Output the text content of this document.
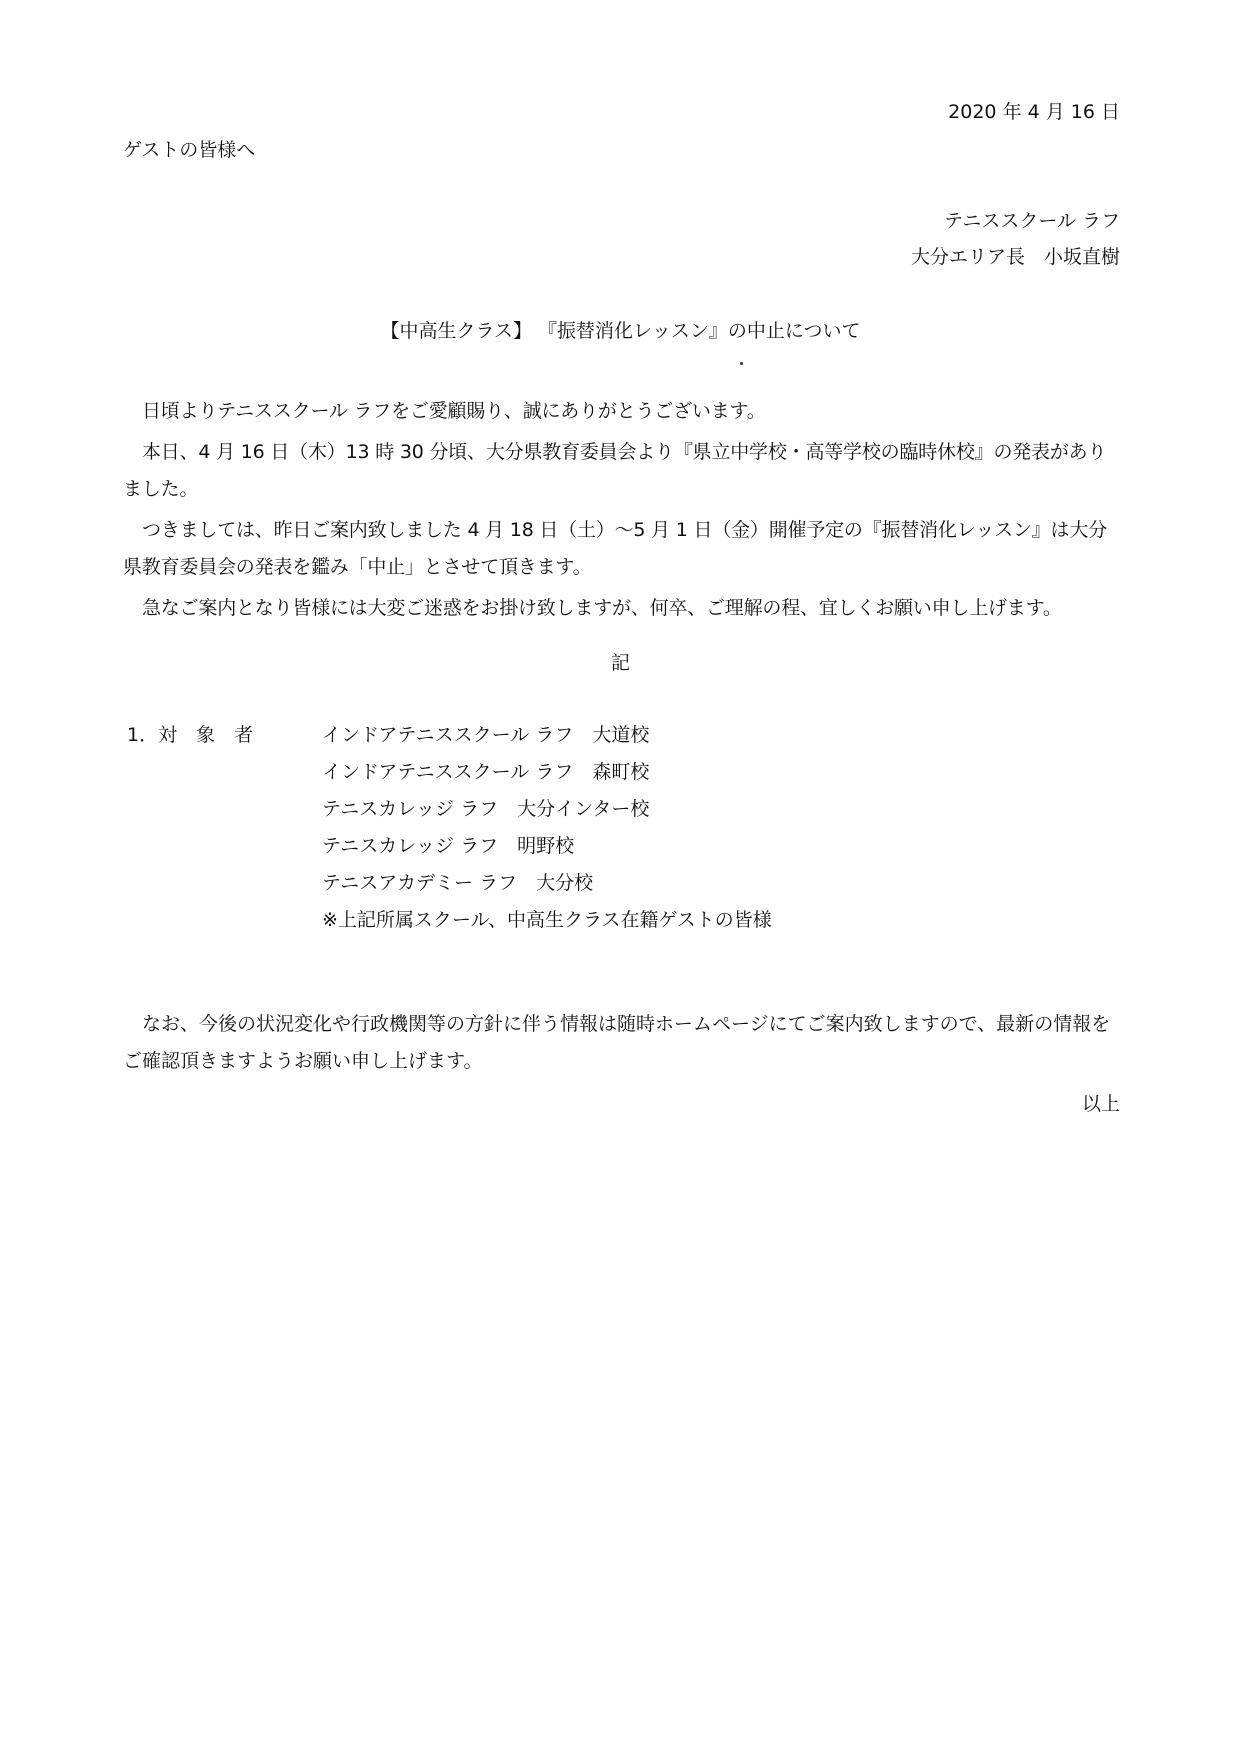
2020 年 4 月 16 日
ゲストの皆様へ
テニススクール ラフ
大分エリア長　小坂直樹
【中高生クラス】 『振替消化レッスン』の中止について

日頃よりテニススクール ラフをご愛顧賜り、誠にありがとうございます。

本日、4 月 16 日（木）13 時 30 分頃、大分県教育委員会より『県立中学校・高等学校の臨時休校』の発表がありました。

つきましては、昨日ご案内致しました 4 月 18 日（土）～5 月 1 日（金）開催予定の『振替消化レッスン』は大分県教育委員会の発表を鑑み「中止」とさせて頂きます。

急なご案内となり皆様には大変ご迷惑をお掛け致しますが、何卒、ご理解の程、宜しくお願い申し上げます。

記
1．対　象　者	インドアテニススクール ラフ　大道校
インドアテニススクール ラフ　森町校
テニスカレッジ ラフ　大分インター校
テニスカレッジ ラフ　明野校
テニスアカデミー ラフ　大分校
※上記所属スクール、中高生クラス在籍ゲストの皆様

なお、今後の状況変化や行政機関等の方針に伴う情報は随時ホームページにてご案内致しますので、最新の情報をご確認頂きますようお願い申し上げます。

以上
